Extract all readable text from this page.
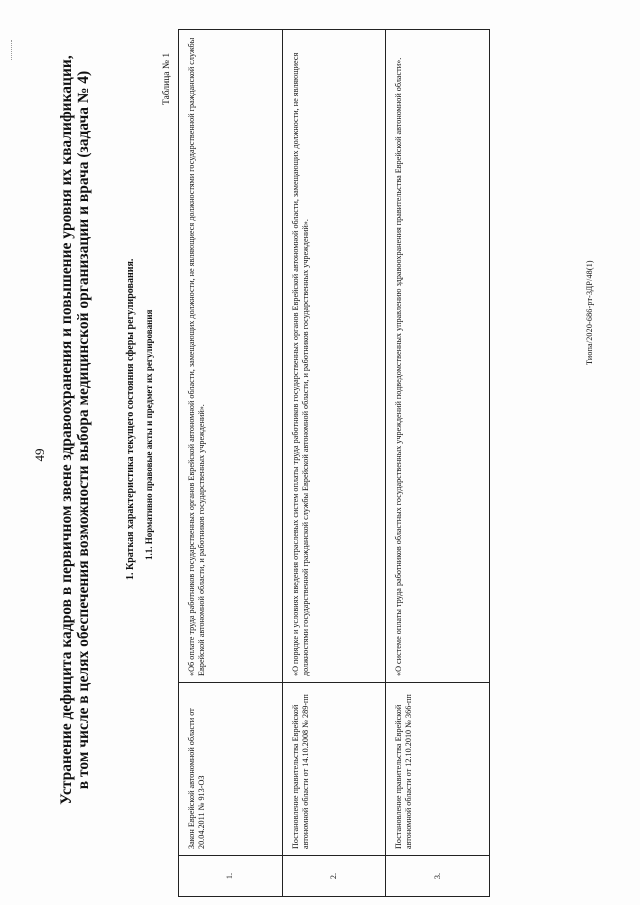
49 Устранение дефицита кадров в первичном звене здравоохранения и повышение уровня их квалификации, в том числе в целях обеспечения возможности выбора медицинской организации и врача (задача № 4)	1. Краткая характеристика текущего состояния сферы регулирования. 1.1. Нормативно правовые акты и предмет их регулирования
Таблица № 1
1.	Закон Еврейской автономной области от 20.04.2011 № 913-ОЗ	«Об оплате труда работников государственных органов Еврейской автономной области, замещающих должности, не являющиеся должностями государственной гражданской службы Еврейской автономной области, и работников государственных учреждений».
2.	Постановление правительства Еврейской автономной области от 14.10.2008 № 289-пп	«О порядке и условиях введения отраслевых систем оплаты труда работников государственных органов Еврейской автономной области, замещающих должности, не являющиеся должностями государственной гражданской службы Еврейской автономной области, и работников государственных учреждений».
3.	Постановление правительства Еврейской автономной области от 12.10.2010 № 366-пп	«О системе оплаты труда работников областных государственных учреждений подведомственных управлению здравоохранения правительства Еврейской автономной области».	Тиопа/2020-686-рт-ЗДР/48(1)
